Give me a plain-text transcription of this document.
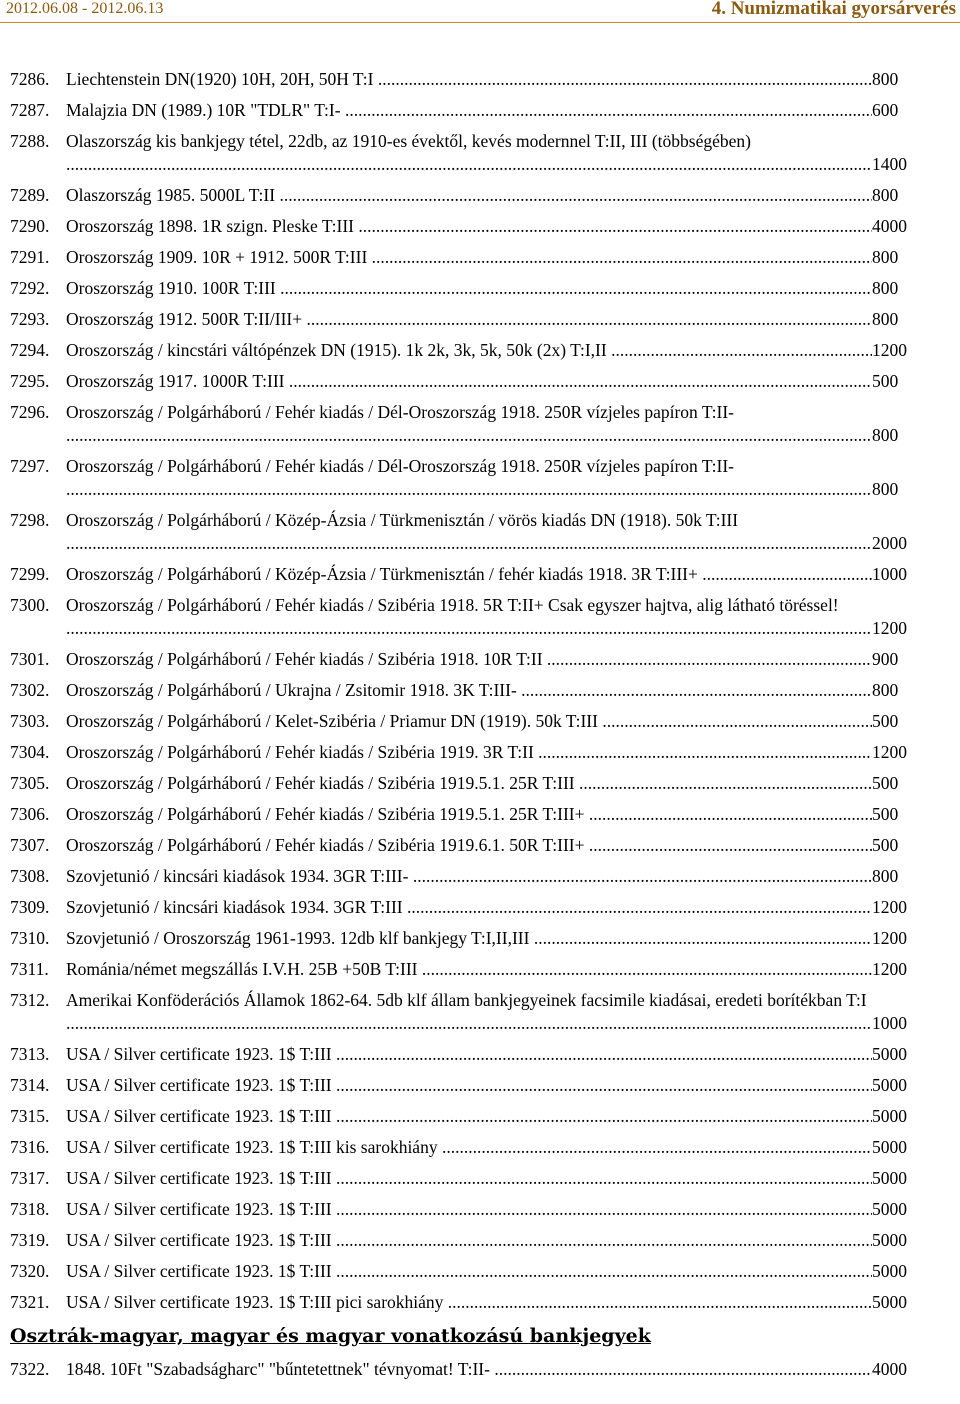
2012.06.08 - 2012.06.13	4. Numizmatikai gyorsárverés
7286. Liechtenstein DN(1920) 10H, 20H, 50H T:I .....	800
7287. Malajzia DN (1989.) 10R "TDLR" T:I- .....	600
7288. Olaszország kis bankjegy tétel, 22db, az 1910-es évektől, kevés modernnel T:II, III (többségében) .....
1400
7289. Olaszország 1985. 5000L T:II .....	800
7290. Oroszország 1898. 1R szign. Pleske T:III .....	4000
7291. Oroszország 1909. 10R + 1912. 500R T:III .....	800
7292. Oroszország 1910. 100R T:III .....	800
7293. Oroszország 1912. 500R T:II/III+ .....	800
7294. Oroszország / kincstári váltópénzek DN (1915). 1k 2k, 3k, 5k, 50k (2x) T:I,II .....	1200
7295. Oroszország 1917. 1000R T:III .....	500
7296. Oroszország / Polgárháború / Fehér kiadás / Dél-Oroszország 1918. 250R vízjeles papíron T:II- .....
800
7297. Oroszország / Polgárháború / Fehér kiadás / Dél-Oroszország 1918. 250R vízjeles papíron T:II- .....
800
7298. Oroszország / Polgárháború / Közép-Ázsia / Türkmenisztán / vörös kiadás DN (1918). 50k T:III .....
2000
7299. Oroszország / Polgárháború / Közép-Ázsia / Türkmenisztán / fehér kiadás 1918. 3R T:III+ .....	1000
7300. Oroszország / Polgárháború / Fehér kiadás / Szibéria 1918. 5R T:II+ Csak egyszer hajtva, alig látható töréssel! .....
1200
7301. Oroszország / Polgárháború / Fehér kiadás / Szibéria 1918. 10R T:II .....	900
7302. Oroszország / Polgárháború / Ukrajna / Zsitomir 1918. 3K T:III- .....	800
7303. Oroszország / Polgárháború / Kelet-Szibéria / Priamur DN (1919). 50k T:III .....	500
7304. Oroszország / Polgárháború / Fehér kiadás / Szibéria 1919. 3R T:II .....	1200
7305. Oroszország / Polgárháború / Fehér kiadás / Szibéria 1919.5.1. 25R T:III .....	500
7306. Oroszország / Polgárháború / Fehér kiadás / Szibéria 1919.5.1. 25R T:III+ .....	500
7307. Oroszország / Polgárháború / Fehér kiadás / Szibéria 1919.6.1. 50R T:III+ .....	500
7308. Szovjetunió / kincsári kiadások 1934. 3GR T:III- .....	800
7309. Szovjetunió / kincsári kiadások 1934. 3GR T:III .....	1200
7310. Szovjetunió / Oroszország 1961-1993. 12db klf bankjegy T:I,II,III .....	1200
7311. Románia/német megszállás I.V.H. 25B +50B T:III .....	1200
7312. Amerikai Konföderációs Államok 1862-64. 5db klf állam bankjegyeinek facsimile kiadásai, eredeti borítékban T:I .....
1000
7313. USA / Silver certificate 1923. 1$ T:III .....	5000
7314. USA / Silver certificate 1923. 1$ T:III .....	5000
7315. USA / Silver certificate 1923. 1$ T:III .....	5000
7316. USA / Silver certificate 1923. 1$ T:III kis sarokhiány .....	5000
7317. USA / Silver certificate 1923. 1$ T:III .....	5000
7318. USA / Silver certificate 1923. 1$ T:III .....	5000
7319. USA / Silver certificate 1923. 1$ T:III .....	5000
7320. USA / Silver certificate 1923. 1$ T:III .....	5000
7321. USA / Silver certificate 1923. 1$ T:III pici sarokhiány .....	5000
Osztrák-magyar, magyar és magyar vonatkozású bankjegyek
7322. 1848. 10Ft "Szabadságharc" "bűntetettnek" tévnyomat! T:II- .....	4000
